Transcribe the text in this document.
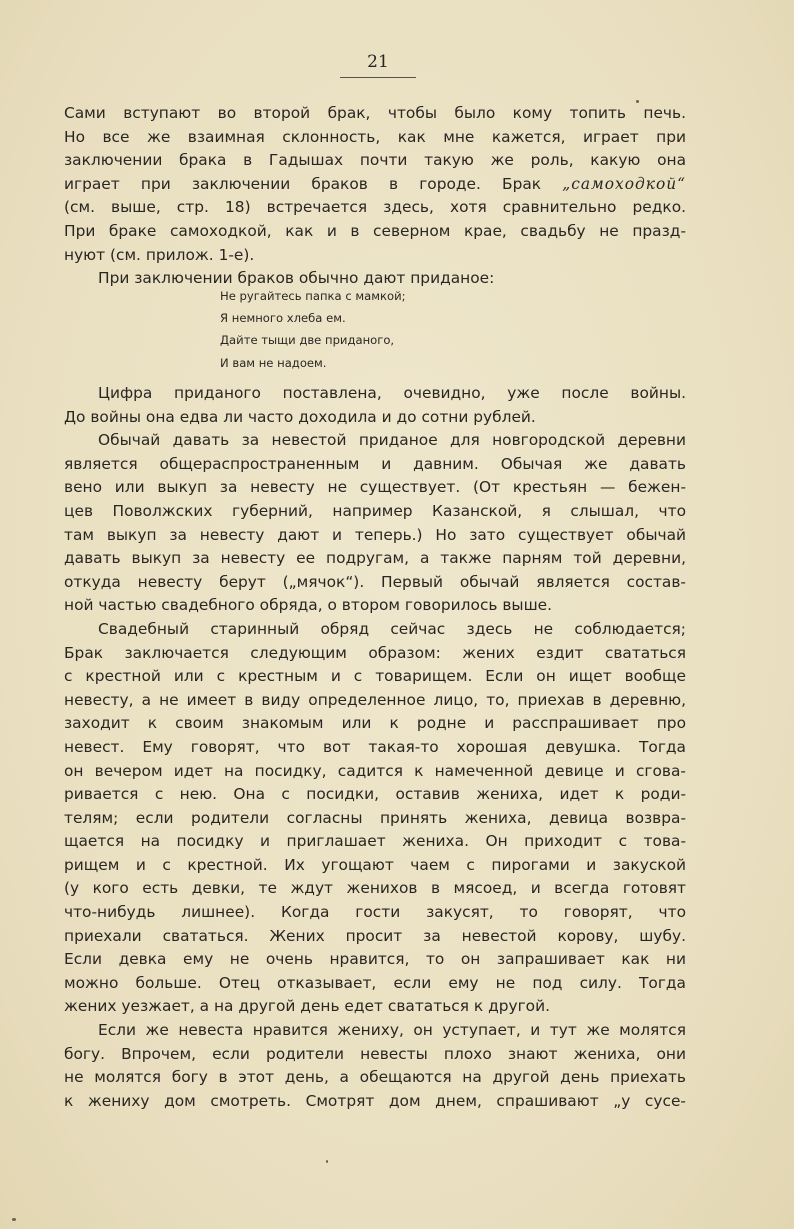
21
Сами вступают во второй брак, чтобы было кому топить печь.
Но все же взаимная склонность, как мне кажется, играет при
заключении брака в Гадышах почти такую же роль, какую она
играет при заключении браков в городе. Брак „самоходкой“
(см. выше, стр. 18) встречается здесь, хотя сравнительно редко.
При браке самоходкой, как и в северном крае, свадьбу не празд-
нуют (см. прилож. 1-е).
При заключении браков обычно дают приданое:
Не ругайтесь папка с мамкой;
Я немного хлеба ем.
Дайте тыщи две приданого,
И вам не надоем.
Цифра приданого поставлена, очевидно, уже после войны.
До войны она едва ли часто доходила и до сотни рублей.
Обычай давать за невестой приданое для новгородской деревни
является общераспространенным и давним. Обычая же давать
вено или выкуп за невесту не существует. (От крестьян — бежен-
цев Поволжских губерний, например Казанской, я слышал, что
там выкуп за невесту дают и теперь.) Но зато существует обычай
давать выкуп за невесту ее подругам, а также парням той деревни,
откуда невесту берут („мячок“). Первый обычай является состав-
ной частью свадебного обряда, о втором говорилось выше.
Свадебный старинный обряд сейчас здесь не соблюдается;
Брак заключается следующим образом: жених ездит свататься
с крестной или с крестным и с товарищем. Если он ищет вообще
невесту, а не имеет в виду определенное лицо, то, приехав в деревню,
заходит к своим знакомым или к родне и расспрашивает про
невест. Ему говорят, что вот такая-то хорошая девушка. Тогда
он вечером идет на посидку, садится к намеченной девице и сгова-
ривается с нею. Она с посидки, оставив жениха, идет к роди-
телям; если родители согласны принять жениха, девица возвра-
щается на посидку и приглашает жениха. Он приходит с това-
рищем и с крестной. Их угощают чаем с пирогами и закуской
(у кого есть девки, те ждут женихов в мясоед, и всегда готовят
что-нибудь лишнее). Когда гости закусят, то говорят, что
приехали свататься. Жених просит за невестой корову, шубу.
Если девка ему не очень нравится, то он запрашивает как ни
можно больше. Отец отказывает, если ему не под силу. Тогда
жених уезжает, а на другой день едет свататься к другой.
Если же невеста нравится жениху, он уступает, и тут же молятся
богу. Впрочем, если родители невесты плохо знают жениха, они
не молятся богу в этот день, а обещаются на другой день приехать
к жениху дом смотреть. Смотрят дом днем, спрашивают „у сусе-
